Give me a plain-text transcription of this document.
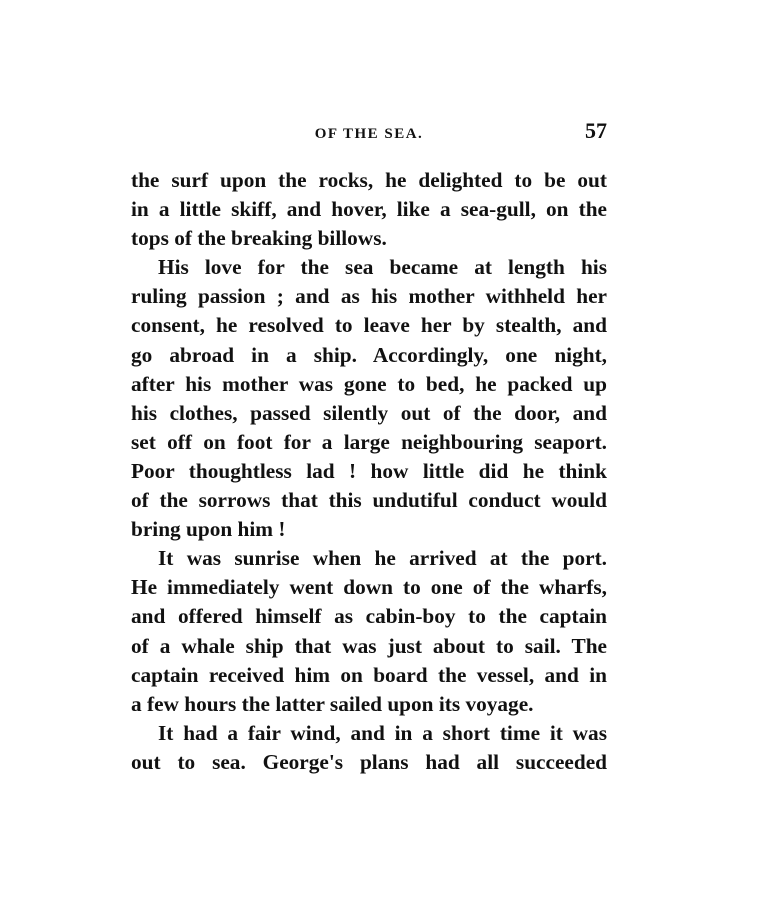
OF THE SEA.	57
the surf upon the rocks, he delighted to be out
in a little skiff, and hover, like a sea-gull, on the
tops of the breaking billows.
His love for the sea became at length his
ruling passion ; and as his mother withheld her
consent, he resolved to leave her by stealth, and
go abroad in a ship. Accordingly, one night,
after his mother was gone to bed, he packed up
his clothes, passed silently out of the door, and
set off on foot for a large neighbouring seaport.
Poor thoughtless lad ! how little did he think
of the sorrows that this undutiful conduct would
bring upon him !
It was sunrise when he arrived at the port.
He immediately went down to one of the wharfs,
and offered himself as cabin-boy to the captain
of a whale ship that was just about to sail. The
captain received him on board the vessel, and in
a few hours the latter sailed upon its voyage.
It had a fair wind, and in a short time it was
out to sea. George's plans had all succeeded
